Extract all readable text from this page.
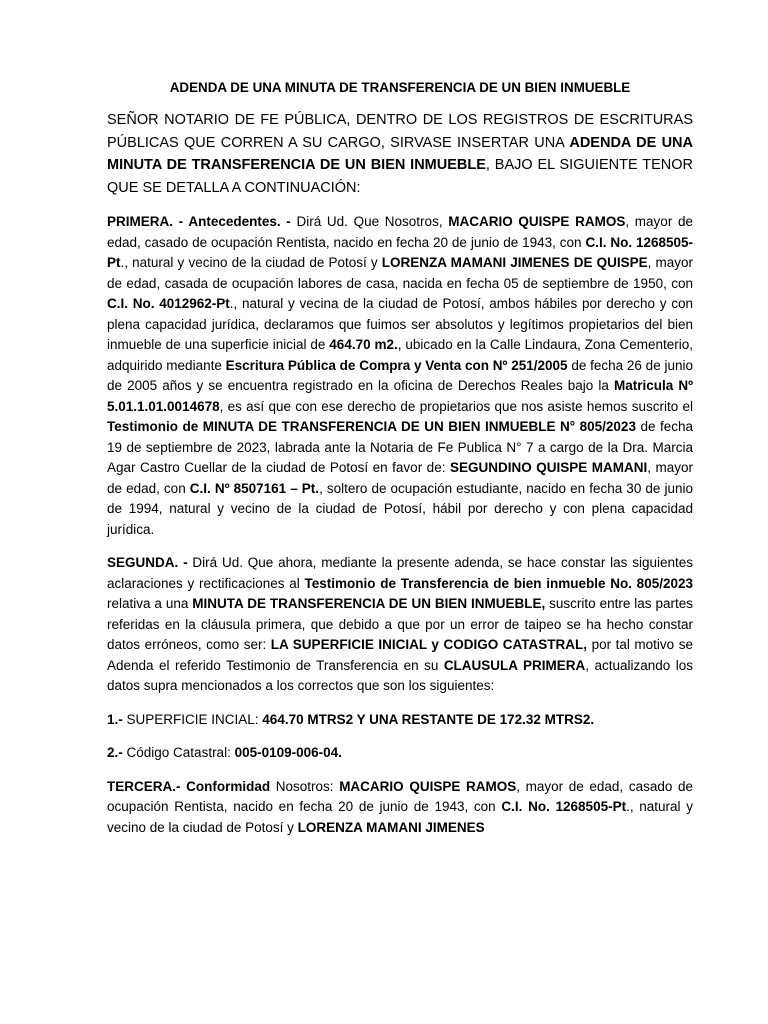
ADENDA DE UNA MINUTA DE TRANSFERENCIA DE UN BIEN INMUEBLE

SEÑOR NOTARIO DE FE PÚBLICA, DENTRO DE LOS REGISTROS DE ESCRITURAS PÚBLICAS QUE CORREN A SU CARGO, SIRVASE INSERTAR UNA ADENDA DE UNA MINUTA DE TRANSFERENCIA DE UN BIEN INMUEBLE, BAJO EL SIGUIENTE TENOR QUE SE DETALLA A CONTINUACIÓN:

PRIMERA. - Antecedentes. - Dirá Ud. Que Nosotros, MACARIO QUISPE RAMOS, mayor de edad, casado de ocupación Rentista, nacido en fecha 20 de junio de 1943, con C.I. No. 1268505-Pt., natural y vecino de la ciudad de Potosí y LORENZA MAMANI JIMENES DE QUISPE, mayor de edad, casada de ocupación labores de casa, nacida en fecha 05 de septiembre de 1950, con C.I. No. 4012962-Pt., natural y vecina de la ciudad de Potosí, ambos hábiles por derecho y con plena capacidad jurídica, declaramos que fuimos ser absolutos y legítimos propietarios del bien inmueble de una superficie inicial de 464.70 m2., ubicado en la Calle Lindaura, Zona Cementerio, adquirido mediante Escritura Pública de Compra y Venta con Nº 251/2005 de fecha 26 de junio de 2005 años y se encuentra registrado en la oficina de Derechos Reales bajo la Matricula Nº 5.01.1.01.0014678, es así que con ese derecho de propietarios que nos asiste hemos suscrito el Testimonio de MINUTA DE TRANSFERENCIA DE UN BIEN INMUEBLE N° 805/2023 de fecha 19 de septiembre de 2023, labrada ante la Notaria de Fe Publica N° 7 a cargo de la Dra. Marcia Agar Castro Cuellar de la ciudad de Potosí en favor de: SEGUNDINO QUISPE MAMANI, mayor de edad, con C.I. Nº 8507161 – Pt., soltero de ocupación estudiante, nacido en fecha 30 de junio de 1994, natural y vecino de la ciudad de Potosí, hábil por derecho y con plena capacidad jurídica.

SEGUNDA. - Dirá Ud. Que ahora, mediante la presente adenda, se hace constar las siguientes aclaraciones y rectificaciones al Testimonio de Transferencia de bien inmueble No. 805/2023 relativa a una MINUTA DE TRANSFERENCIA DE UN BIEN INMUEBLE, suscrito entre las partes referidas en la cláusula primera, que debido a que por un error de taipeo se ha hecho constar datos erróneos, como ser: LA SUPERFICIE INICIAL y CODIGO CATASTRAL, por tal motivo se Adenda el referido Testimonio de Transferencia en su CLAUSULA PRIMERA, actualizando los datos supra mencionados a los correctos que son los siguientes:

1.- SUPERFICIE INCIAL: 464.70 MTRS2 Y UNA RESTANTE DE 172.32 MTRS2.

2.- Código Catastral: 005-0109-006-04.

TERCERA.- Conformidad Nosotros: MACARIO QUISPE RAMOS, mayor de edad, casado de ocupación Rentista, nacido en fecha 20 de junio de 1943, con C.I. No. 1268505-Pt., natural y vecino de la ciudad de Potosí y LORENZA MAMANI JIMENES
